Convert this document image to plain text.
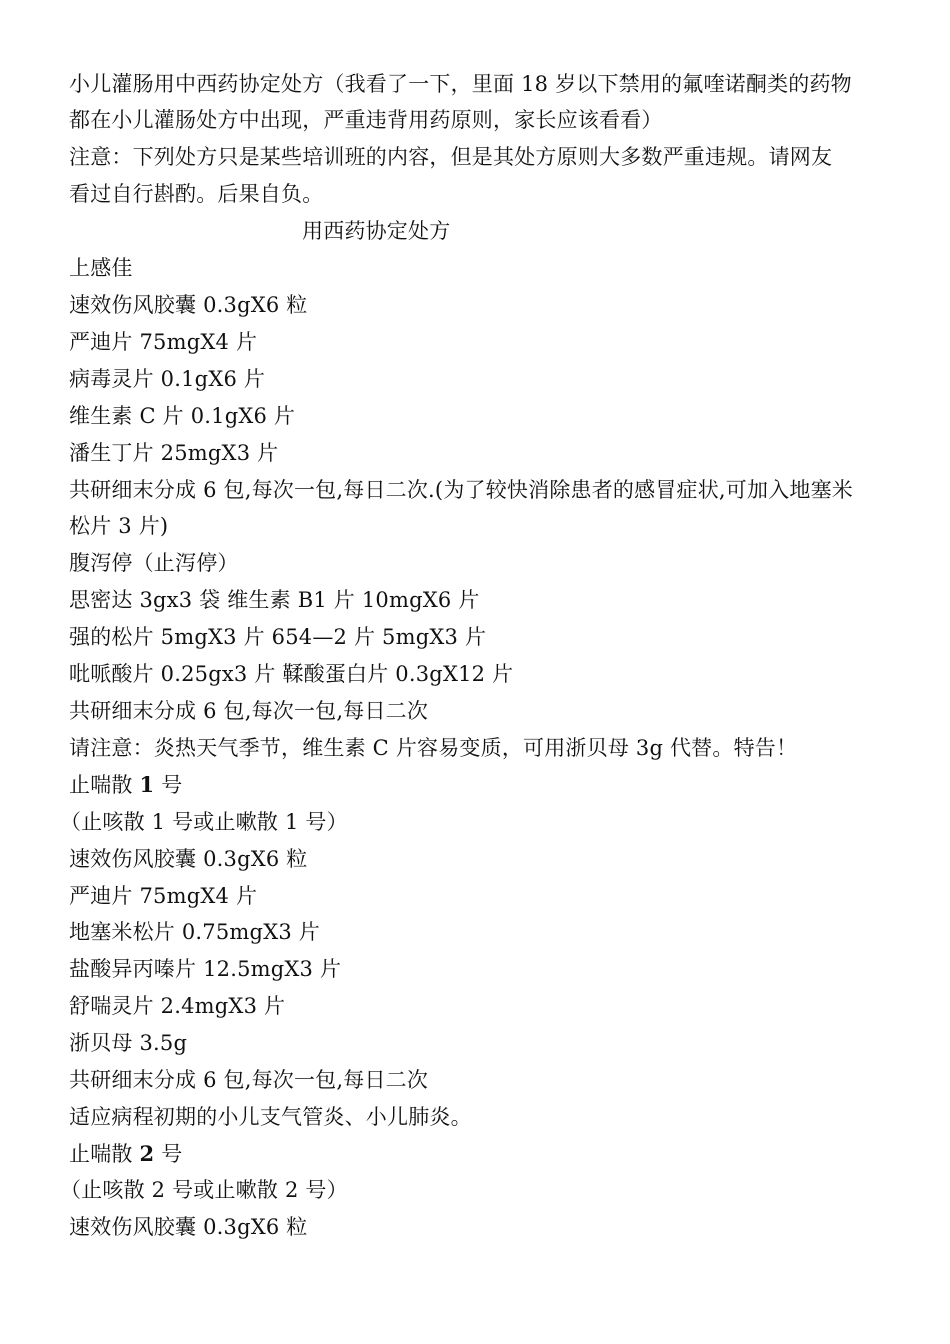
小儿灌肠用中西药协定处方（我看了一下，里面 18 岁以下禁用的氟喹诺酮类的药物
都在小儿灌肠处方中出现，严重违背用药原则，家长应该看看）
注意：下列处方只是某些培训班的内容，但是其处方原则大多数严重违规。请网友
看过自行斟酌。后果自负。
用西药协定处方
上感佳
速效伤风胶囊 0.3gX6 粒
严迪片 75mgX4 片
病毒灵片 0.1gX6 片
维生素 C 片 0.1gX6 片
潘生丁片 25mgX3 片
共研细末分成 6 包,每次一包,每日二次.(为了较快消除患者的感冒症状,可加入地塞米
松片 3 片)
腹泻停（止泻停）
思密达 3gx3 袋 维生素 B1 片 10mgX6 片
强的松片 5mgX3 片 654—2 片 5mgX3 片
吡哌酸片 0.25gx3 片 鞣酸蛋白片 0.3gX12 片
共研细末分成 6 包,每次一包,每日二次
请注意：炎热天气季节，维生素 C 片容易变质，可用浙贝母 3g 代替。特告！
止喘散 1 号
（止咳散 1 号或止嗽散 1 号）
速效伤风胶囊 0.3gX6 粒
严迪片 75mgX4 片
地塞米松片 0.75mgX3 片
盐酸异丙嗪片 12.5mgX3 片
舒喘灵片 2.4mgX3 片
浙贝母 3.5g
共研细末分成 6 包,每次一包,每日二次
适应病程初期的小儿支气管炎、小儿肺炎。
止喘散 2 号
（止咳散 2 号或止嗽散 2 号）
速效伤风胶囊 0.3gX6 粒
